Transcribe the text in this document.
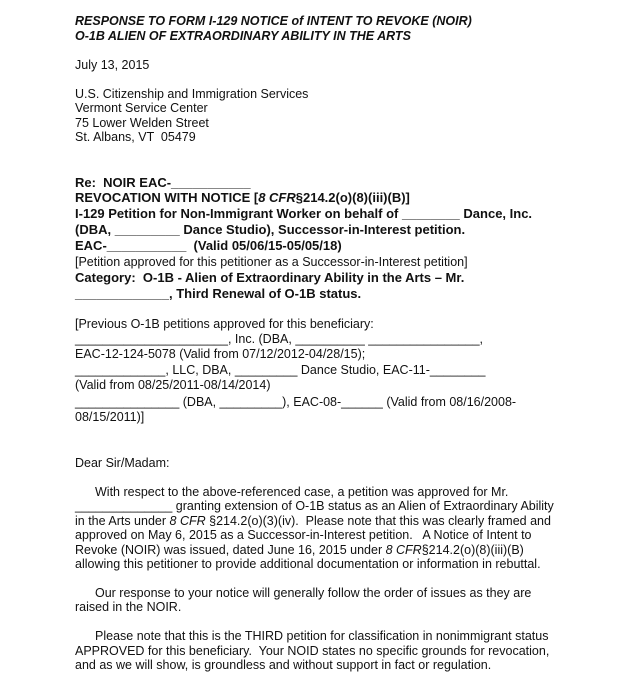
RESPONSE TO FORM I-129 NOTICE of INTENT TO REVOKE (NOIR)
O-1B ALIEN OF EXTRAORDINARY ABILITY IN THE ARTS
July 13, 2015
U.S. Citizenship and Immigration Services
Vermont Service Center
75 Lower Welden Street
St. Albans, VT  05479
Re:  NOIR EAC-___________
REVOCATION WITH NOTICE [8 CFR§214.2(o)(8)(iii)(B)]
I-129 Petition for Non-Immigrant Worker on behalf of ________ Dance, Inc.
(DBA, _________ Dance Studio), Successor-in-Interest petition.
EAC-___________  (Valid 05/06/15-05/05/18)
[Petition approved for this petitioner as a Successor-in-Interest petition]
Category:  O-1B - Alien of Extraordinary Ability in the Arts – Mr.
_____________, Third Renewal of O-1B status.
[Previous O-1B petitions approved for this beneficiary:
______________________, Inc. (DBA, __________ ________________,
EAC-12-124-5078 (Valid from 07/12/2012-04/28/15);
_____________, LLC, DBA, _________ Dance Studio, EAC-11-________
(Valid from 08/25/2011-08/14/2014)
_______________ (DBA, _________), EAC-08-______ (Valid from 08/16/2008-
08/15/2011)]
Dear Sir/Madam:
With respect to the above-referenced case, a petition was approved for Mr.
______________ granting extension of O-1B status as an Alien of Extraordinary Ability
in the Arts under 8 CFR §214.2(o)(3)(iv).  Please note that this was clearly framed and
approved on May 6, 2015 as a Successor-in-Interest petition.   A Notice of Intent to
Revoke (NOIR) was issued, dated June 16, 2015 under 8 CFR§214.2(o)(8)(iii)(B)
allowing this petitioner to provide additional documentation or information in rebuttal.
Our response to your notice will generally follow the order of issues as they are
raised in the NOIR.
Please note that this is the THIRD petition for classification in nonimmigrant status
APPROVED for this beneficiary.  Your NOID states no specific grounds for revocation,
and as we will show, is groundless and without support in fact or regulation.
